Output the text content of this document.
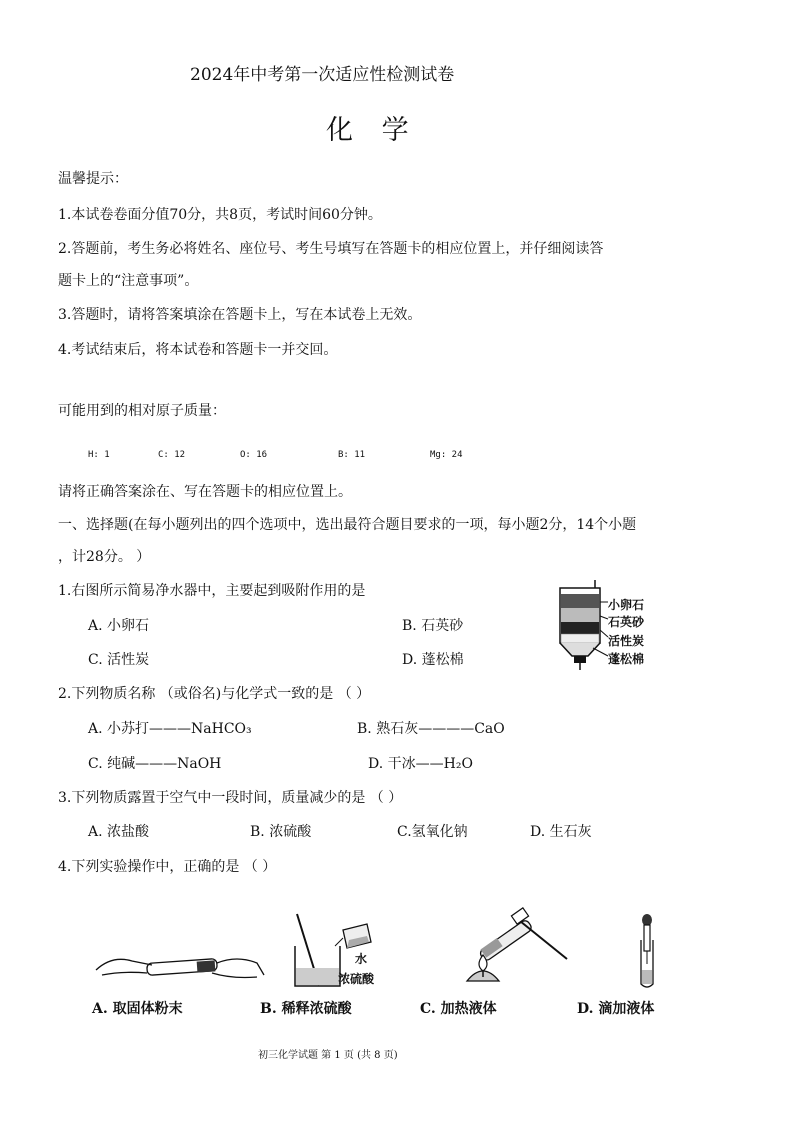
2024年中考第一次适应性检测试卷
化 学
温馨提示：
1.本试卷卷面分值70分，共8页，考试时间60分钟。
2.答题前，考生务必将姓名、座位号、考生号填写在答题卡的相应位置上，并仔细阅读答
题卡上的“注意事项”。
3.答题时，请将答案填涂在答题卡上，写在本试卷上无效。
4.考试结束后，将本试卷和答题卡一并交回。
可能用到的相对原子质量：
H: 1	C: 12	O: 16	B: 11	Mg: 24
请将正确答案涂在、写在答题卡的相应位置上。
一、选择题(在每小题列出的四个选项中，选出最符合题目要求的一项，每小题2分，14个小题
，计28分。 ）
1.右图所示简易净水器中，主要起到吸附作用的是
A. 小卵石	B. 石英砂
C. 活性炭	D. 蓬松棉
小卵石
石英砂
活性炭
蓬松棉
2.下列物质名称 （或俗名)与化学式一致的是 （ ）
A. 小苏打———NaHCO₃	B. 熟石灰————CaO
C. 纯碱———NaOH	D. 干冰——H₂O
3.下列物质露置于空气中一段时间，质量减少的是 （ ）
A. 浓盐酸	B. 浓硫酸	C.氢氧化钠	D. 生石灰
4.下列实验操作中，正确的是 （ ）
水
浓硫酸
A. 取固体粉末	B. 稀释浓硫酸	C. 加热液体	D. 滴加液体
初三化学试题 第 1 页 (共 8 页)
